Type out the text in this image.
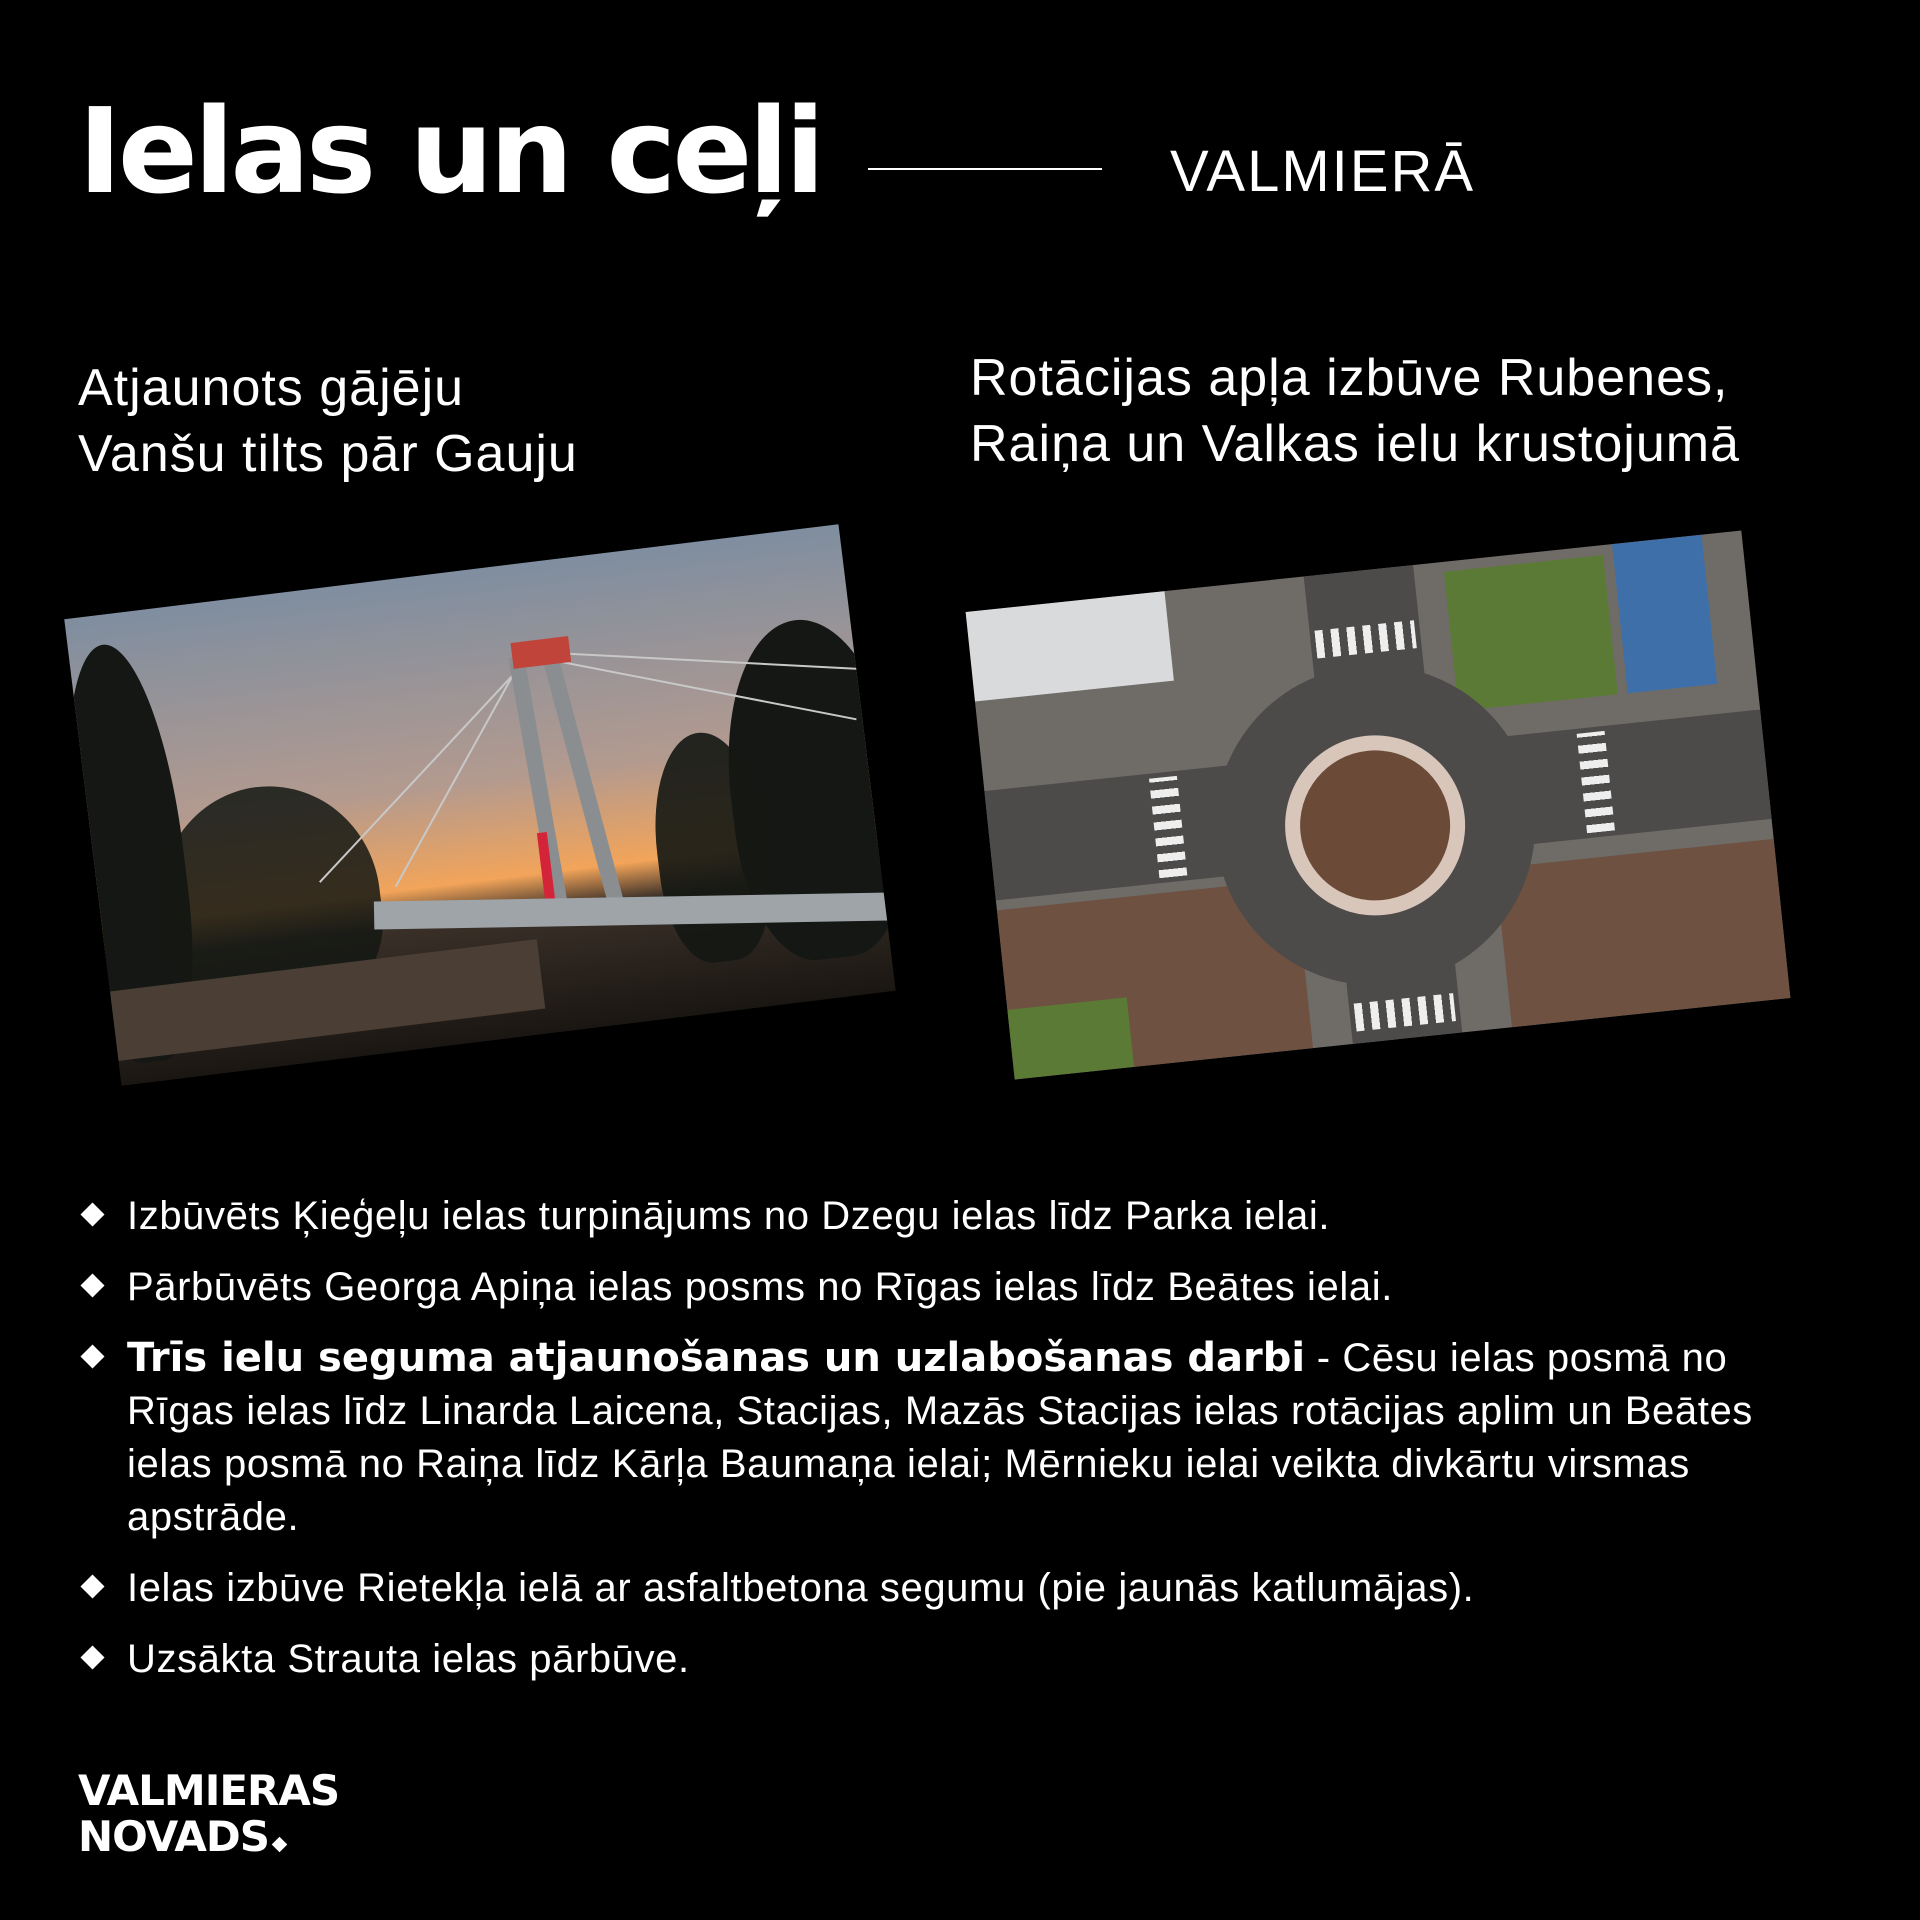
Ielas un ceļi	VALMIERĀ
Atjaunots gājēju
Vanšu tilts pār Gauju
Rotācijas apļa izbūve Rubenes,
Raiņa un Valkas ielu krustojumā
Izbūvēts Ķieģeļu ielas turpinājums no Dzegu ielas līdz Parka ielai.
Pārbūvēts Georga Apiņa ielas posms no Rīgas ielas līdz Beātes ielai.
Trīs ielu seguma atjaunošanas un uzlabošanas darbi - Cēsu ielas posmā no Rīgas ielas līdz Linarda Laicena, Stacijas, Mazās Stacijas ielas rotācijas aplim un Beātes ielas posmā no Raiņa līdz Kārļa Baumaņa ielai; Mērnieku ielai veikta divkārtu virsmas apstrāde.
Ielas izbūve Rietekļa ielā ar asfaltbetona segumu (pie jaunās katlumājas).
Uzsākta Strauta ielas pārbūve.
VALMIERAS
NOVADS
